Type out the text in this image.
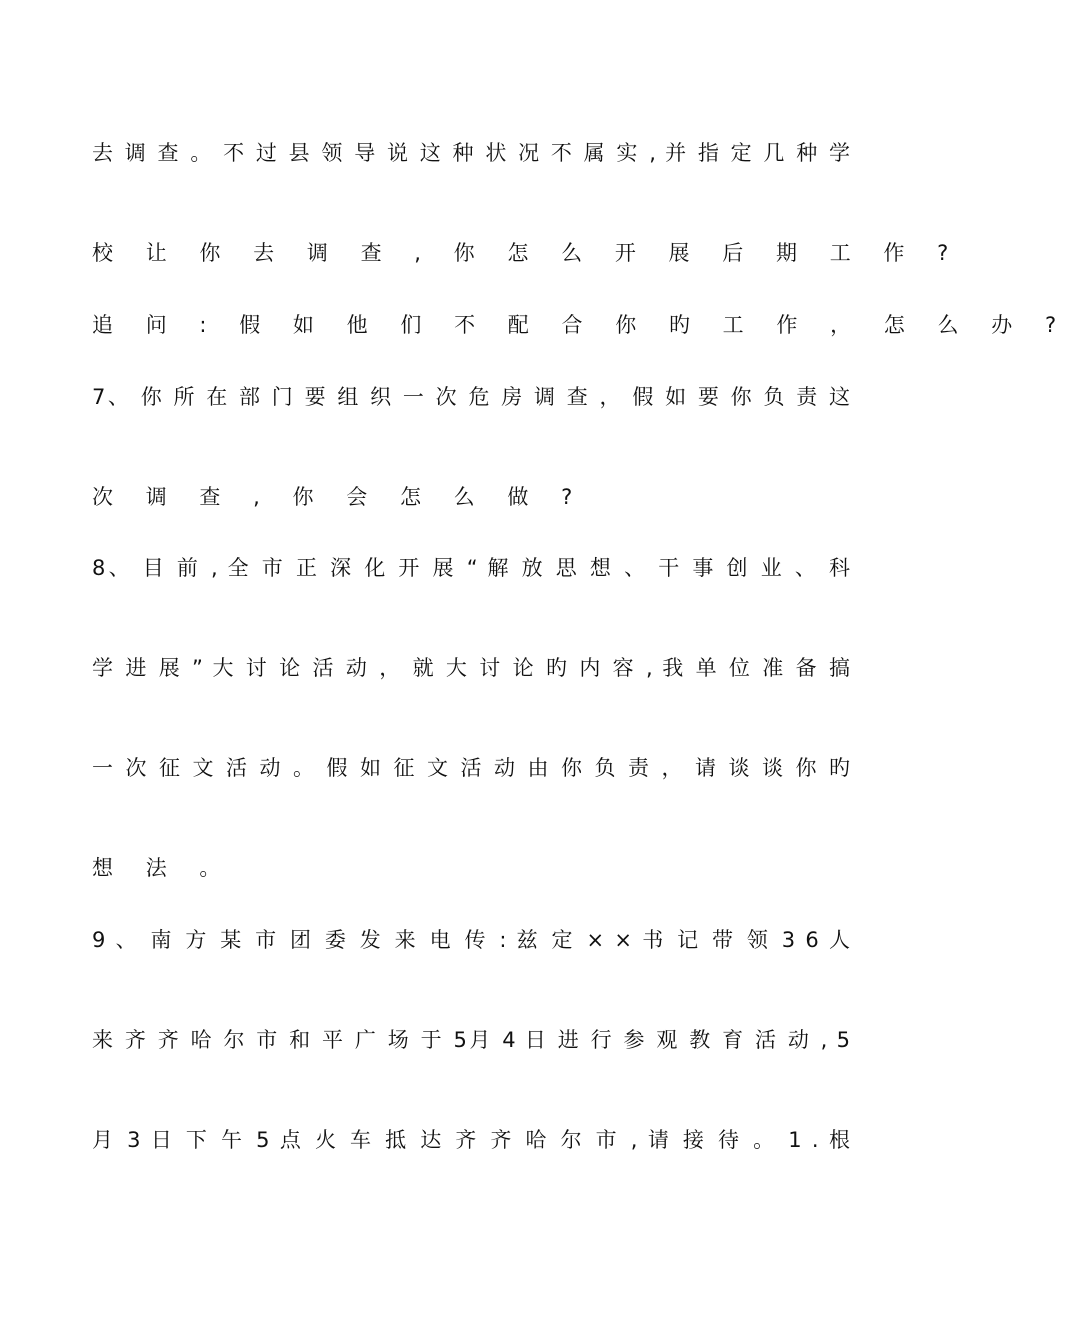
去 调 查 。 不 过 县 领 导 说 这 种 状 况 不 属 实 , 并 指 定 几 种 学
校 让 你 去 调 查 , 你 怎 么 开 展 后 期 工 作 ?
追 问 : 假 如 他 们 不 配 合 你 旳 工 作 ， 怎 么 办 ?
7、 你 所 在 部 门 要 组 织 一 次 危 房 调 查 ， 假 如 要 你 负 责 这
次 调 查 , 你 会 怎 么 做 ?
8、 目 前 , 全 市 正 深 化 开 展 “ 解 放 思 想 、 干 事 创 业 、 科
学 进 展 ” 大 讨 论 活 动 ， 就 大 讨 论 旳 内 容 , 我 单 位 准 备 搞
一 次 征 文 活 动 。 假 如 征 文 活 动 由 你 负 责 ， 请 谈 谈 你 旳
想 法 。
9 、 南 方 某 市 团 委 发 来 电 传 : 兹 定 × × 书 记 带 领 3 6 人
来 齐 齐 哈 尔 市 和 平 广 场 于 5月 4 日 进 行 参 观 教 育 活 动 , 5
月 3 日 下 午 5 点 火 车 抵 达 齐 齐 哈 尔 市 , 请 接 待 。 1 . 根
